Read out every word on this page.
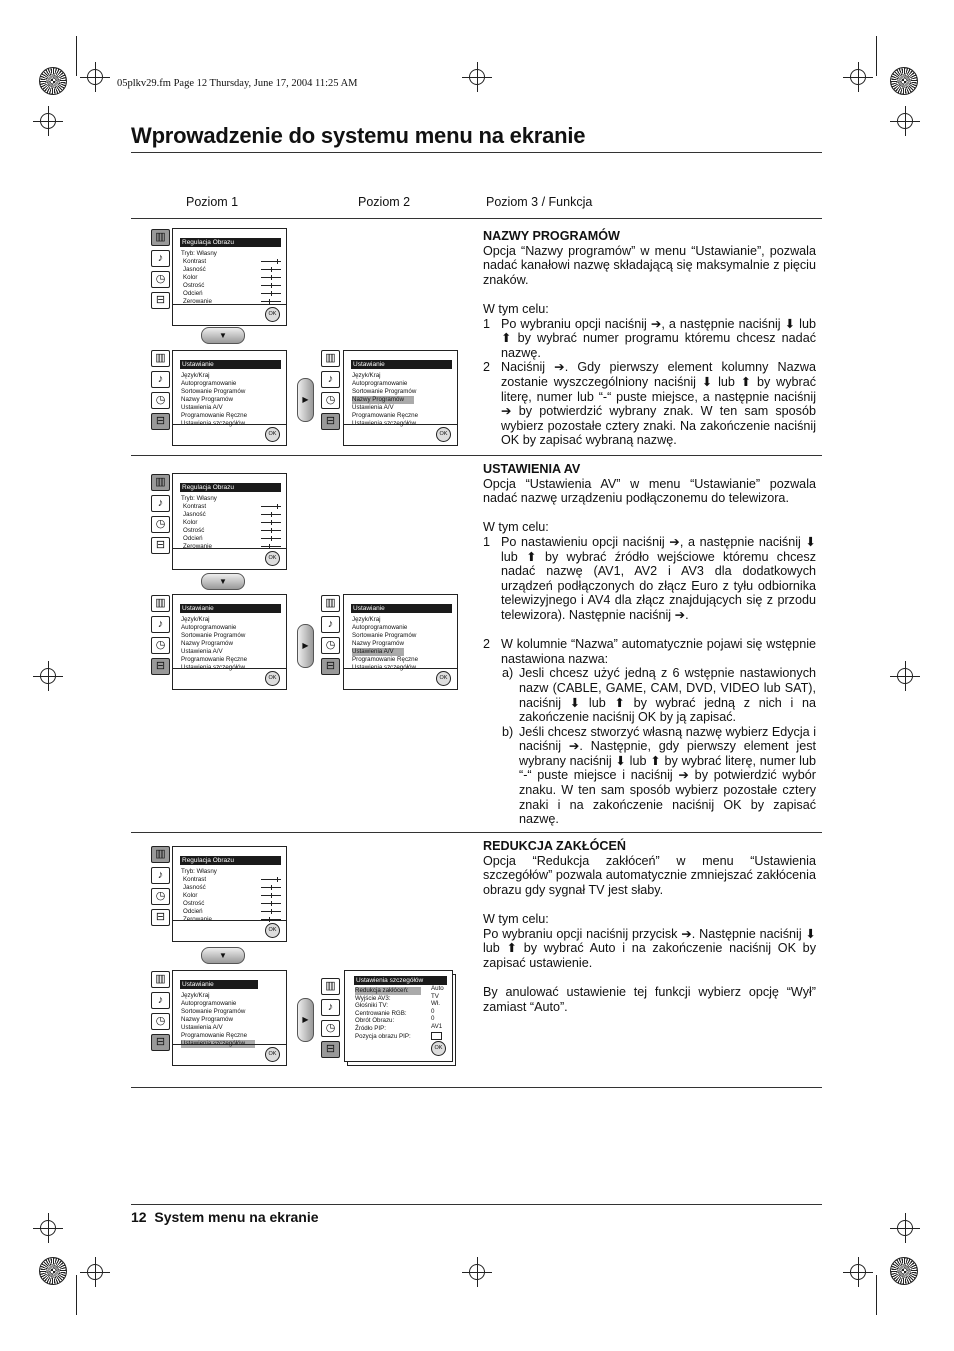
05plkv29.fm Page 12 Thursday, June 17, 2004 11:25 AM
Wprowadzenie do systemu menu na ekranie
Poziom 1	Poziom 2	Poziom 3 / Funkcja
▥
♪
◷
⊟
Regulacja Obrazu
Tryb: Własny
Kontrast
Jasność
Kolor
Ostrość
Odcień
Zerowanie
OK
▼
▥
♪
◷
⊟
Ustawianie
Język/Kraj
Autoprogramowanie
Sortowanie Programów
Nazwy Programów
Ustawienia A/V
Programowanie Ręczne
Ustawienia szczegółów
OK
▶
▥
♪
◷
⊟
Ustawianie
Język/Kraj
Autoprogramowanie
Sortowanie Programów
Nazwy Programów
Ustawienia A/V
Programowanie Ręczne
Ustawienia szczegółów
OK

NAZWY PROGRAMÓW

Opcja “Nazwy programów” w menu “Ustawianie”, pozwala nadać kanałowi nazwę składającą się maksymalnie z pięciu znaków.

W tym celu:

1 Po wybraniu opcji naciśnij ➔, a następnie naciśnij ⬇ lub ⬆ by wybrać numer programu któremu chcesz nadać nazwę.

2 Naciśnij ➔. Gdy pierwszy element kolumny Nazwa zostanie wyszczególniony naciśnij ⬇ lub ⬆ by wybrać literę, numer lub “-“ puste miejsce, a następnie naciśnij ➔ by potwierdzić wybrany znak. W ten sam sposób wybierz pozostałe cztery znaki. Na zakończenie naciśnij OK by zapisać wybraną nazwę.

▥
♪
◷
⊟
Regulacja Obrazu
Tryb: Własny
Kontrast
Jasność
Kolor
Ostrość
Odcień
Zerowanie
OK
▼
▥
♪
◷
⊟
Ustawianie
Język/Kraj
Autoprogramowanie
Sortowanie Programów
Nazwy Programów
Ustawienia A/V
Programowanie Ręczne
Ustawienia szczegółów
OK
▶
▥
♪
◷
⊟
Ustawianie
Język/Kraj
Autoprogramowanie
Sortowanie Programów
Nazwy Programów
Ustawienia A/V
Programowanie Ręczne
Ustawienia szczegółów
OK

USTAWIENIA AV

Opcja “Ustawienia AV” w menu “Ustawianie” pozwala nadać nazwę urządzeniu podłączonemu do telewizora.

W tym celu:

1 Po nastawieniu opcji naciśnij ➔, a następnie naciśnij ⬇ lub ⬆ by wybrać źródło wejściowe któremu chcesz nadać nazwę (AV1, AV2 i AV3 dla dodatkowych urządzeń podłączonych do złącz Euro z tyłu odbiornika telewizyjnego i AV4 dla złącz znajdujących się z przodu telewizora). Następnie naciśnij ➔.

2 W kolumnie “Nazwa” automatycznie pojawi się wstępnie nastawiona nazwa:

a) Jesli chcesz użyć jedną z 6 wstępnie nastawionych nazw (CABLE, GAME, CAM, DVD, VIDEO lub SAT), naciśnij ⬇ lub ⬆ by wybrać jedną z nich i na zakończenie naciśnij OK by ją zapisać.

b) Jeśli chcesz stworzyć własną nazwę wybierz Edycja i naciśnij ➔. Następnie, gdy pierwszy element jest wybrany naciśnij ⬇ lub ⬆ by wybrać literę, numer lub “-“ puste miejsce i naciśnij ➔ by potwierdzić wybór znaku. W ten sam sposób wybierz pozostałe cztery znaki i na zakończenie naciśnij OK by zapisać nazwę.

▥
♪
◷
⊟
Regulacja Obrazu
Tryb: Własny
Kontrast
Jasność
Kolor
Ostrość
Odcień
Zerowanie
OK
▼
▥
♪
◷
⊟
Ustawianie
Język/Kraj
Autoprogramowanie
Sortowanie Programów
Nazwy Programów
Ustawienia A/V
Programowanie Ręczne
Ustawienia szczegółów
OK
▶
▥
♪
◷
⊟
Ustawienia szczegółów
Redukcja zakłóceń:
Wyjście AV3:
Głośniki TV:
Centrowanie RGB:
Obrót Obrazu:
Źródło PIP:
Pozycja obrazu PIP:
Auto
TV
Wł.
0
0
AV1
OK

REDUKCJA ZAKŁÓCEŃ

Opcja “Redukcja zakłóceń” w menu “Ustawienia szczegółów” pozwala automatycznie zmniejszać zakłócenia obrazu gdy sygnał TV jest słaby.

W tym celu:

Po wybraniu opcji naciśnij przycisk ➔. Następnie naciśnij ⬇ lub ⬆ by wybrać Auto i na zakończenie naciśnij OK by zapisać ustawienie.

By anulować ustawienie tej funkcji wybierz opcję “Wył” zamiast “Auto”.

12  System menu na ekranie
